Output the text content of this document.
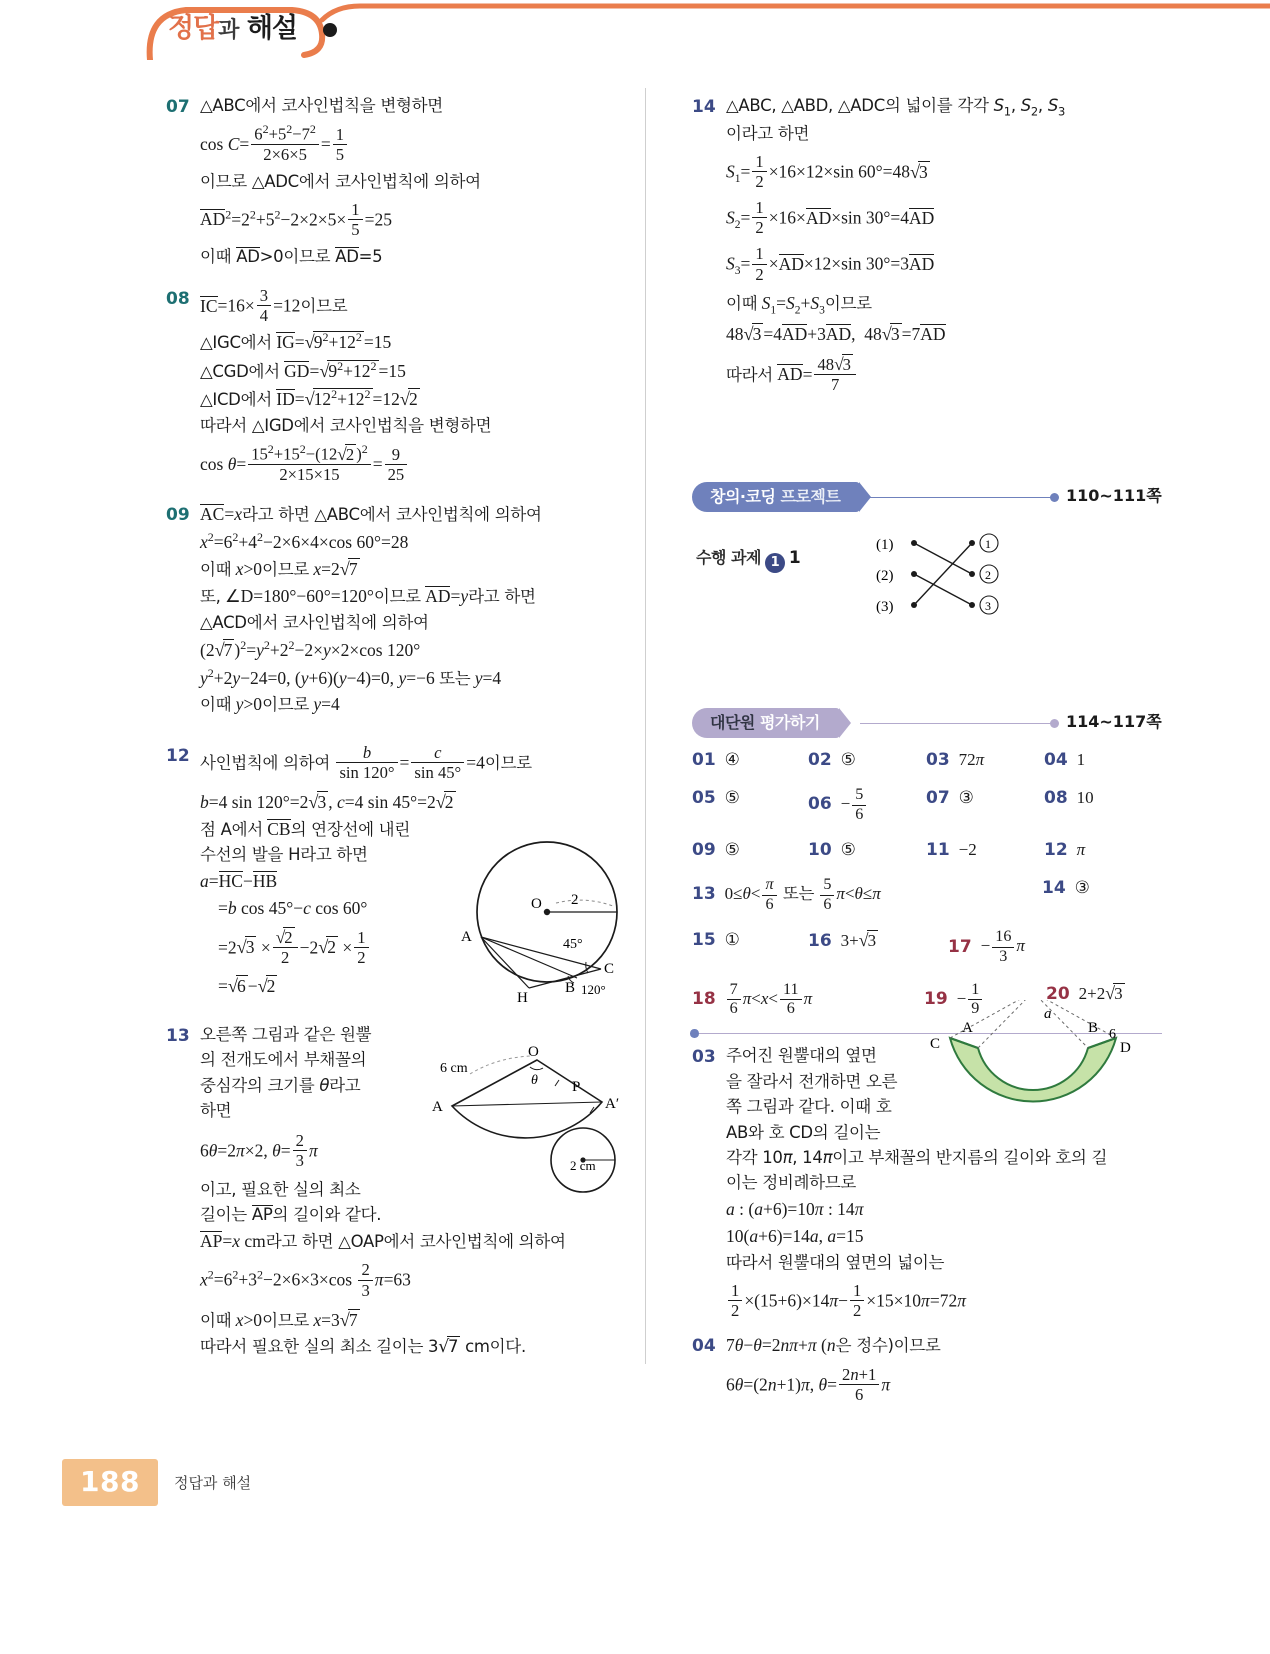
정답과 해설
07 △ABC에서 코사인법칙을 변형하면
$\cos C= \frac{6^2+5^2-7^2}{2\times 6\times 5} = \frac{1}{5}$
이므로 △ADC에서 코사인법칙에 의하여
$AD^2=2^2+5^2-2\times 2\times 5\times \frac{1}{5} =25$
이때 AD>0이므로 AD=5
08 $IC=16\times \frac{3}{4} =12$이므로
△IGC에서 $IG=√9^2+12^2 =15$
△CGD에서 $GD=√9^2+12^2 =15$
△ICD에서 $ID=√12^2+12^2 =12√2$
따라서 △IGD에서 코사인법칙을 변형하면
$\cos \theta= \frac{15^2+15^2-(12√2 )^2}{2\times 15\times 15} = \frac{9}{25}$
09 AC=x라고 하면 △ABC에서 코사인법칙에 의하여
$x^2=6^2+4^2-2\times 6\times 4\times\cos$ 60°=28
이때 x>0이므로 x=2√7
또, ∠D=180°−60°=120°이므로 AD=y라고 하면
△ACD에서 코사인법칙에 의하여
(2√7 )$^2=y^2+2^2-2\times y\times 2\times\cos$ 120°
$y^2+2y-24=0$, (y+6)(y−4)=0, y=−6 또는 y=4
이때 y>0이므로 y=4
12 사인법칙에 의하여 $\frac{b}{\sin 120^\circ} = \frac{c}{\sin 45^\circ} =4$이므로
b=4 sin 120°=2√3 , c=4 sin 45°=2√2
점 A에서 CB의 연장선에 내린
수선의 발을 H라고 하면
a=HC−HB
=b cos 45°−c cos 60°
$=2√3 \times \frac{√2}{2} -2√2 \times \frac{1}{2}$
=√6 −√2
13 오른쪽 그림과 같은 원뿔
의 전개도에서 부채꼴의
중심각의 크기를 θ라고
하면
6θ=2π×2, $\theta= \frac{2}{3}$ π
이고, 필요한 실의 최소
길이는 AP의 길이와 같다.
AP=x cm라고 하면 △OAP에서 코사인법칙에 의하여
$x^2=6^2+3^2-2\times 6\times 3\times\cos \frac{2}{3} \pi=63$
이때 x>0이므로 x=3√7
따라서 필요한 실의 최소 길이는 3√7 cm이다.
O 2
A	45°
C
B 120°
H
O
θ
6 cm
P
A	A′
2 cm
14 △ABC, △ABD, △ADC의 넓이를 각각 $S_1$, $S_2$, $S_3$
이라고 하면
$S_1= \frac{1}{2} \times 16\times 12\times\sin$ 60°=48√3
$S_2= \frac{1}{2} \times 16\times AD\times\sin$ 30°=4AD
$S_3= \frac{1}{2} \times AD\times 12\times\sin$ 30°=3AD
이때 $S_1=S_2+S_3$이므로
48√3 =4AD+3AD,  48√3 =7AD
따라서 $AD= \frac{48√3}{7}$
창의·코딩 프로젝트	110~111쪽
수행 과제 1 1
(1)
(2)
(3)
1
2
3
대단원 평가하기	114~117쪽
01 ④	02 ⑤	03 72π	04 1
05 ⑤	$06 - \frac{5}{6}$	07 ③	08 10
09 ⑤	10 ⑤	11 −2	12 π
13 $0\le\theta< \frac{\pi}{6}$ 또는 $\frac{5}{6} \pi<\theta\le\pi$	14 ③
15 ①	16 3+√3	$17 - \frac{16}{3}$ π
$18 \frac{7}{6} \pi<x< \frac{11}{6}$ π	$19 - \frac{1}{9}$	20 2+2√3
03 주어진 원뿔대의 옆면
을 잘라서 전개하면 오른
쪽 그림과 같다. 이때 호
AB와 호 CD의 길이는
각각 10π, 14π이고 부채꼴의 반지름의 길이와 호의 길
이는 정비례하므로
a : (a+6)=10π : 14π
10(a+6)=14a, a=15
따라서 원뿔대의 옆면의 넓이는
$\frac{1}{2} \times(15+6)\times 14\pi- \frac{1}{2} \times 15\times 10\pi=72\pi$
04 7θ−θ=2nπ+π (n은 정수)이므로
6θ=(2n+1)π, $\theta= \frac{2n+1}{6}$ π
a
A	B 6
C	D
188	정답과 해설
